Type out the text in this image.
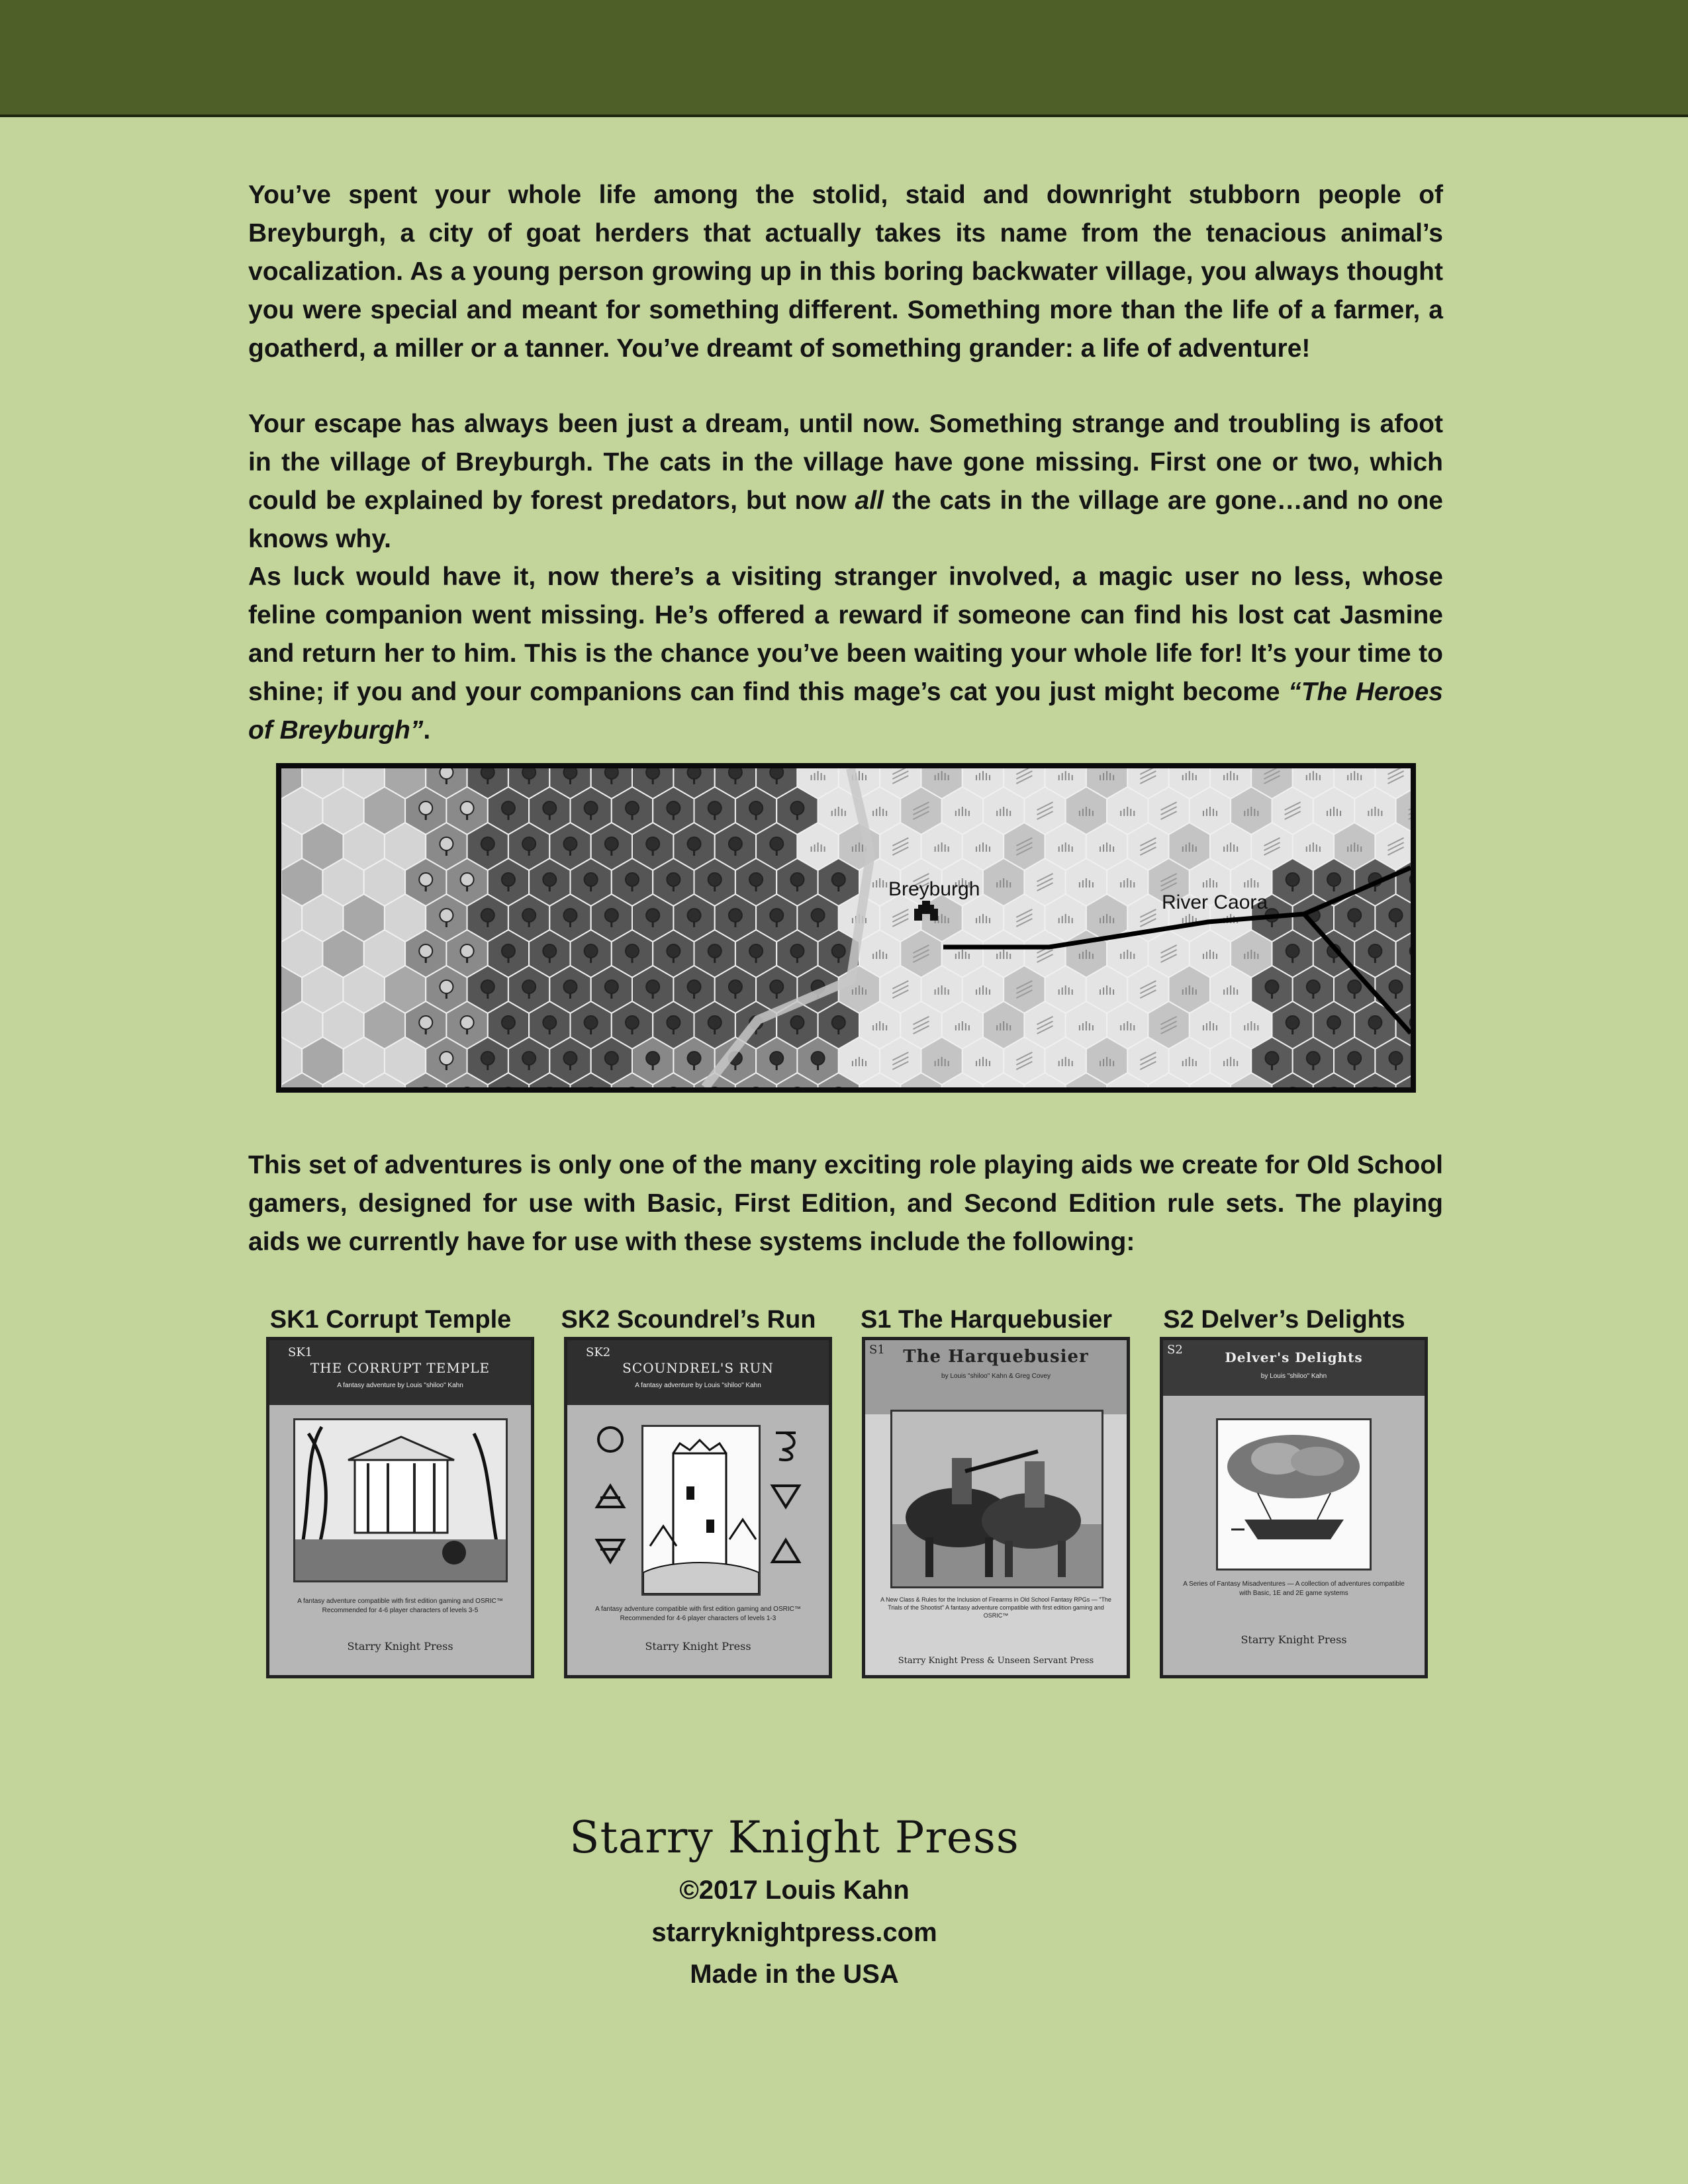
You’ve spent your whole life among the stolid, staid and downright stubborn people of Breyburgh, a city of goat herders that actually takes its name from the tenacious animal’s vocalization. As a young person growing up in this boring backwater village, you always thought you were special and meant for something different. Something more than the life of a farmer, a goatherd, a miller or a tanner. You’ve dreamt of something grander: a life of adventure!

Your escape has always been just a dream, until now. Something strange and troubling is afoot in the village of Breyburgh. The cats in the village have gone missing. First one or two, which could be explained by forest predators, but now all the cats in the village are gone…and no one knows why.

As luck would have it, now there’s a visiting stranger involved, a magic user no less, whose feline companion went missing. He’s offered a reward if someone can find his lost cat Jasmine and return her to him. This is the chance you’ve been waiting your whole life for! It’s your time to shine; if you and your companions can find this mage’s cat you just might become “The Heroes of Breyburgh”.

Breyburgh
River Caora

This set of adventures is only one of the many exciting role playing aids we create for Old School gamers, designed for use with Basic, First Edition, and Second Edition rule sets. The playing aids we currently have for use with these systems include the following:

SK1 Corrupt Temple
SK1
THE CORRUPT TEMPLE
A fantasy adventure by Louis "shiloo" Kahn
A fantasy adventure compatible with first edition gaming and OSRIC™ Recommended for 4-6 player characters of levels 3-5
Starry Knight Press
SK2 Scoundrel’s Run
SK2
SCOUNDREL'S RUN
A fantasy adventure by Louis "shiloo" Kahn
A fantasy adventure compatible with first edition gaming and OSRIC™ Recommended for 4-6 player characters of levels 1-3
Starry Knight Press
S1 The Harquebusier
S1	The Harquebusier
by Louis "shiloo" Kahn & Greg Covey
A New Class & Rules for the Inclusion of Firearms in Old School Fantasy RPGs — "The Trials of the Shootist" A fantasy adventure compatible with first edition gaming and OSRIC™
Starry Knight Press & Unseen Servant Press
S2 Delver’s Delights
S2	Delver's Delights
by Louis "shiloo" Kahn
A Series of Fantasy Misadventures — A collection of adventures compatible with Basic, 1E and 2E game systems
Starry Knight Press
Starry Knight Press
©2017 Louis Kahn
starryknightpress.com
Made in the USA
